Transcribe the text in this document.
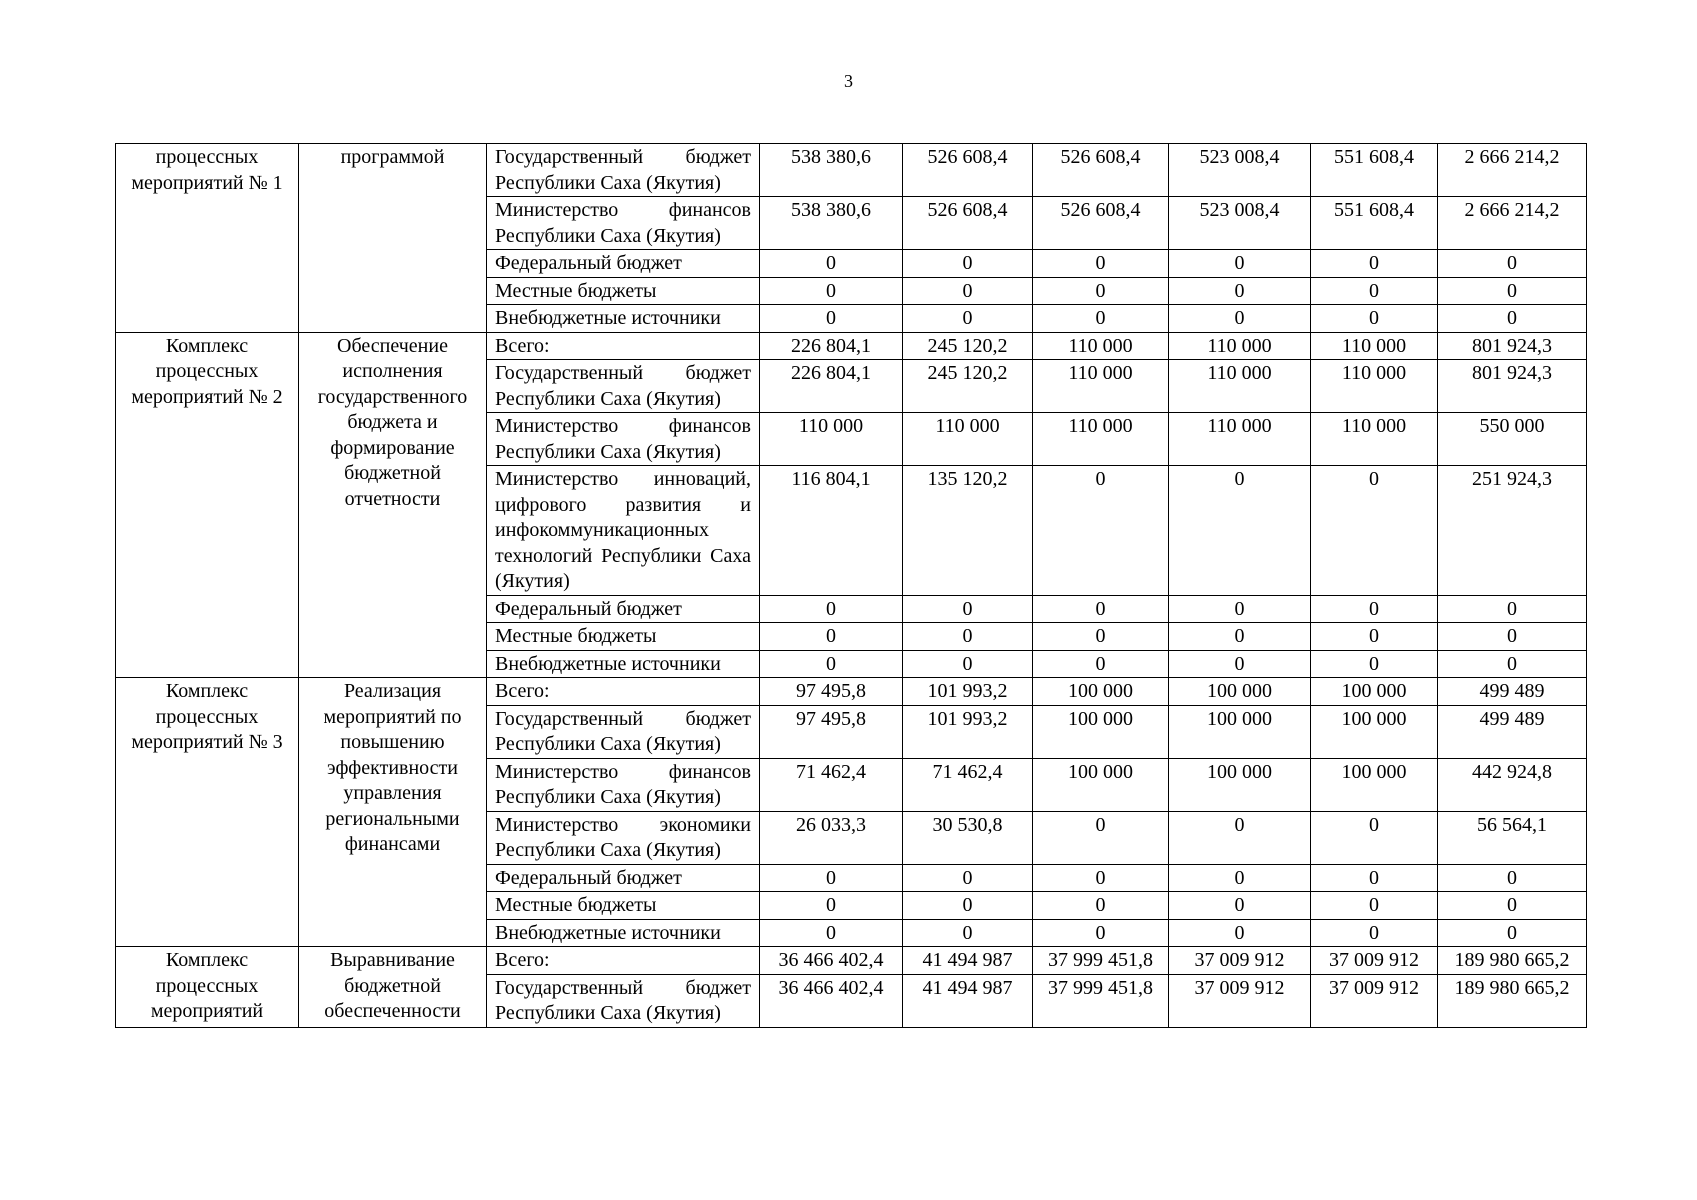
3
процессных мероприятий № 1	программой	Государственный бюджет Республики Саха (Якутия)	538 380,6	526 608,4	526 608,4	523 008,4	551 608,4	2 666 214,2
		Министерство финансов Республики Саха (Якутия)	538 380,6	526 608,4	526 608,4	523 008,4	551 608,4	2 666 214,2
		Федеральный бюджет	0	0	0	0	0	0
		Местные бюджеты	0	0	0	0	0	0
		Внебюджетные источники	0	0	0	0	0	0
Комплекс процессных мероприятий № 2	Обеспечение исполнения государственного бюджета и формирование бюджетной отчетности	Всего:	226 804,1	245 120,2	110 000	110 000	110 000	801 924,3
		Государственный бюджет Республики Саха (Якутия)	226 804,1	245 120,2	110 000	110 000	110 000	801 924,3
		Министерство финансов Республики Саха (Якутия)	110 000	110 000	110 000	110 000	110 000	550 000
		Министерство инноваций, цифрового развития и инфокоммуникационных технологий Республики Саха (Якутия)	116 804,1	135 120,2	0	0	0	251 924,3
		Федеральный бюджет	0	0	0	0	0	0
		Местные бюджеты	0	0	0	0	0	0
		Внебюджетные источники	0	0	0	0	0	0
Комплекс процессных мероприятий № 3	Реализация мероприятий по повышению эффективности управления региональными финансами	Всего:	97 495,8	101 993,2	100 000	100 000	100 000	499 489
		Государственный бюджет Республики Саха (Якутия)	97 495,8	101 993,2	100 000	100 000	100 000	499 489
		Министерство финансов Республики Саха (Якутия)	71 462,4	71 462,4	100 000	100 000	100 000	442 924,8
		Министерство экономики Республики Саха (Якутия)	26 033,3	30 530,8	0	0	0	56 564,1
		Федеральный бюджет	0	0	0	0	0	0
		Местные бюджеты	0	0	0	0	0	0
		Внебюджетные источники	0	0	0	0	0	0
Комплекс процессных мероприятий	Выравнивание бюджетной обеспеченности	Всего:	36 466 402,4	41 494 987	37 999 451,8	37 009 912	37 009 912	189 980 665,2
		Государственный бюджет Республики Саха (Якутия)	36 466 402,4	41 494 987	37 999 451,8	37 009 912	37 009 912	189 980 665,2
